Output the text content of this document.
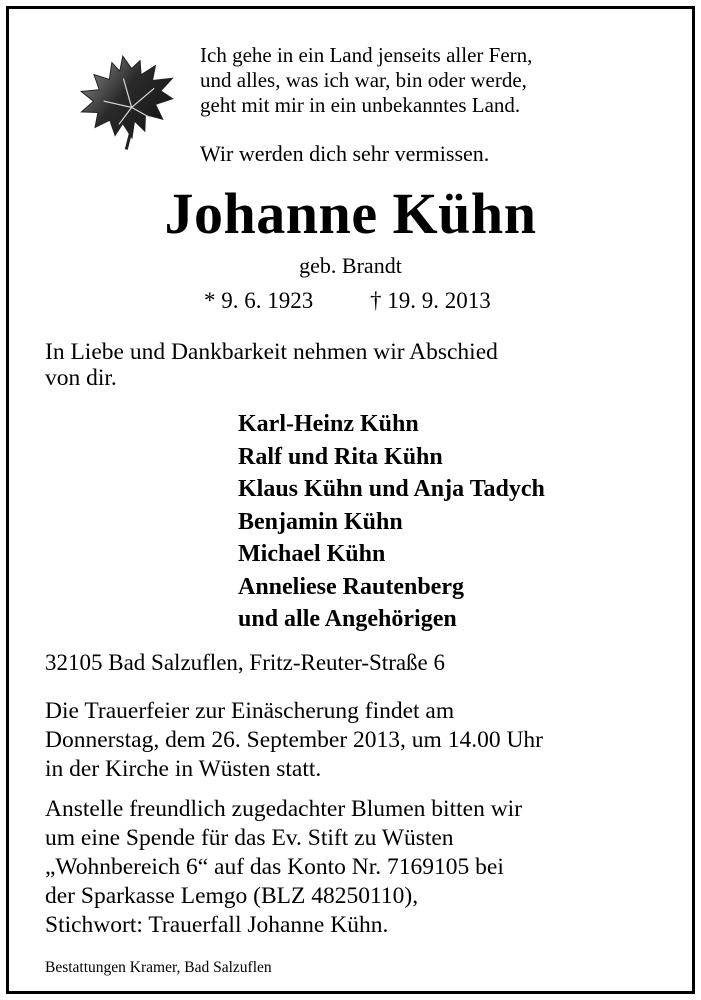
Ich gehe in ein Land jenseits aller Fern,
und alles, was ich war, bin oder werde,
geht mit mir in ein unbekanntes Land.
Wir werden dich sehr vermissen.
Johanne Kühn
geb. Brandt
* 9. 6. 1923 † 19. 9. 2013
In Liebe und Dankbarkeit nehmen wir Abschied
von dir.
Karl-Heinz Kühn
Ralf und Rita Kühn
Klaus Kühn und Anja Tadych
Benjamin Kühn
Michael Kühn
Anneliese Rautenberg
und alle Angehörigen
32105 Bad Salzuflen, Fritz-Reuter-Straße 6
Die Trauerfeier zur Einäscherung findet am
Donnerstag, dem 26. September 2013, um 14.00 Uhr
in der Kirche in Wüsten statt.
Anstelle freundlich zugedachter Blumen bitten wir
um eine Spende für das Ev. Stift zu Wüsten
„Wohnbereich 6“ auf das Konto Nr. 7169105 bei
der Sparkasse Lemgo (BLZ 48250110),
Stichwort: Trauerfall Johanne Kühn.
Bestattungen Kramer, Bad Salzuflen
